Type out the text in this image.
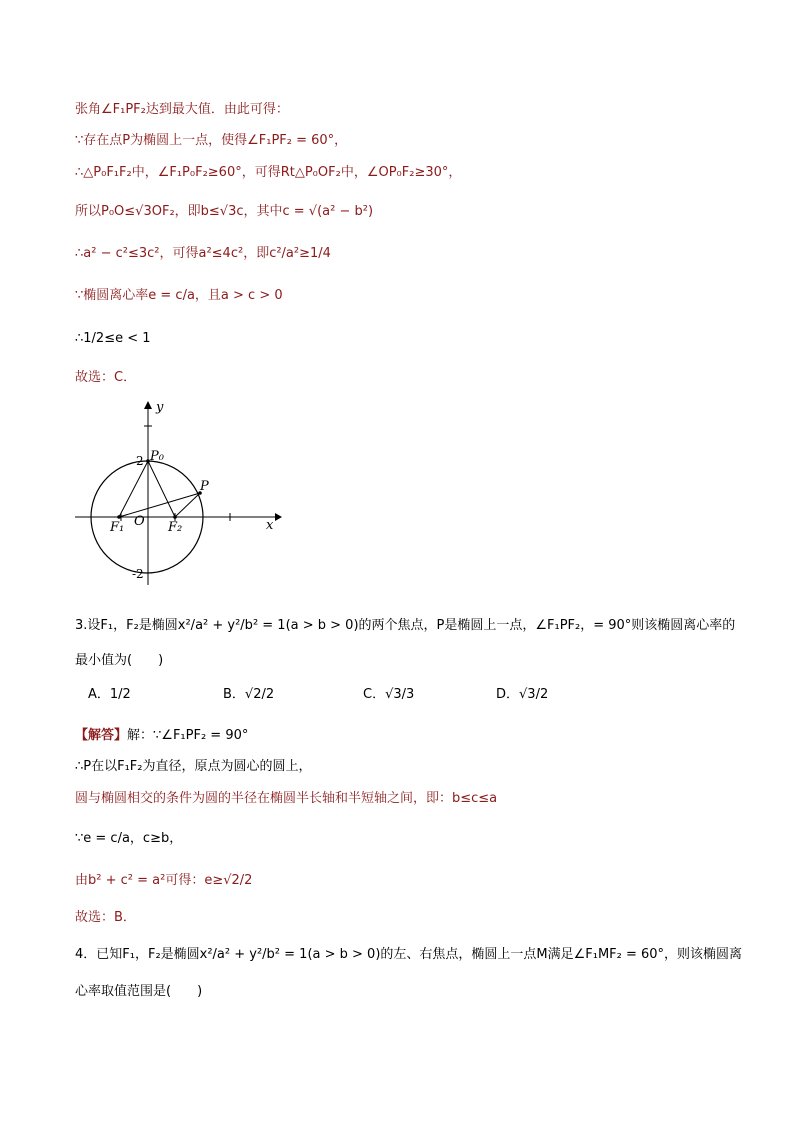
张角∠F₁PF₂达到最大值．由此可得：
∵存在点P为椭圆上一点，使得∠F₁PF₂ = 60°，
∴△P₀F₁F₂中，∠F₁P₀F₂≥60°，可得Rt△P₀OF₂中，∠OP₀F₂≥30°，
所以P₀O≤√3OF₂，即b≤√3c，其中c = √(a² − b²)
∴a² − c²≤3c²，可得a²≤4c²，即c²/a²≥1/4
∵椭圆离心率e = c/a，且a > c > 0
∴1/2≤e < 1
故选：C．
y
x
O
F₁	F₂
P₀
P
2
-2
3.设F₁，F₂是椭圆x²/a² + y²/b² = 1(a > b > 0)的两个焦点，P是椭圆上一点，∠F₁PF₂，= 90°则该椭圆离心率的
最小值为(　　)
A．1/2	B．√2/2	C．√3/3	D．√3/2
【解答】解：∵∠F₁PF₂ = 90°
∴P在以F₁F₂为直径，原点为圆心的圆上，
圆与椭圆相交的条件为圆的半径在椭圆半长轴和半短轴之间，即：b≤c≤a
∵e = c/a，c≥b，
由b² + c² = a²可得：e≥√2/2
故选：B．
4．已知F₁，F₂是椭圆x²/a² + y²/b² = 1(a > b > 0)的左、右焦点，椭圆上一点M满足∠F₁MF₂ = 60°，则该椭圆离
心率取值范围是(　　)
